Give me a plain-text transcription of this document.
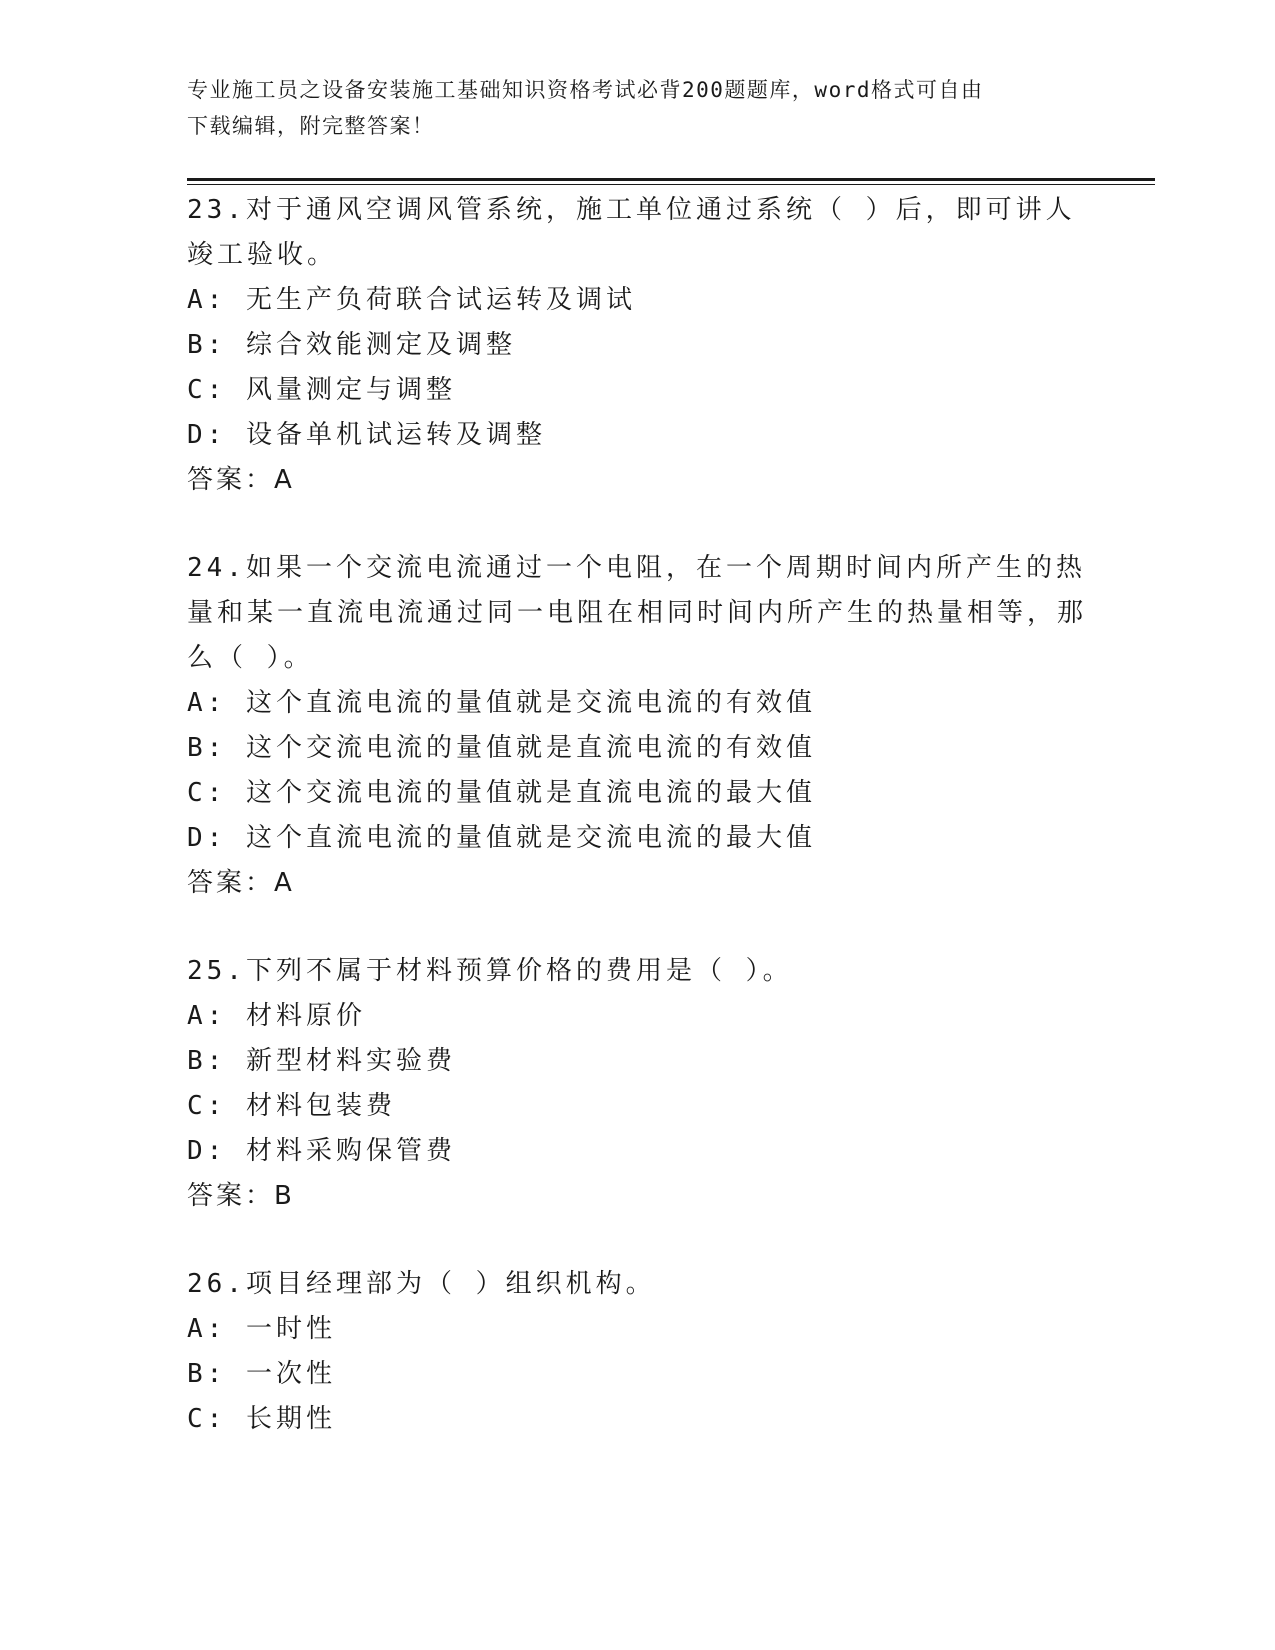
专业施工员之设备安装施工基础知识资格考试必背200题题库，word格式可自由
下载编辑，附完整答案！
23.对于通风空调风管系统，施工单位通过系统（ ）后，即可讲人竣工验收。
A: 无生产负荷联合试运转及调试
B: 综合效能测定及调整
C: 风量测定与调整
D: 设备单机试运转及调整
答案：A
24.如果一个交流电流通过一个电阻，在一个周期时间内所产生的热量和某一直流电流通过同一电阻在相同时间内所产生的热量相等，那么（ ）。
A: 这个直流电流的量值就是交流电流的有效值
B: 这个交流电流的量值就是直流电流的有效值
C: 这个交流电流的量值就是直流电流的最大值
D: 这个直流电流的量值就是交流电流的最大值
答案：A
25.下列不属于材料预算价格的费用是（ ）。
A: 材料原价
B: 新型材料实验费
C: 材料包装费
D: 材料采购保管费
答案：B
26.项目经理部为（ ）组织机构。
A: 一时性
B: 一次性
C: 长期性
